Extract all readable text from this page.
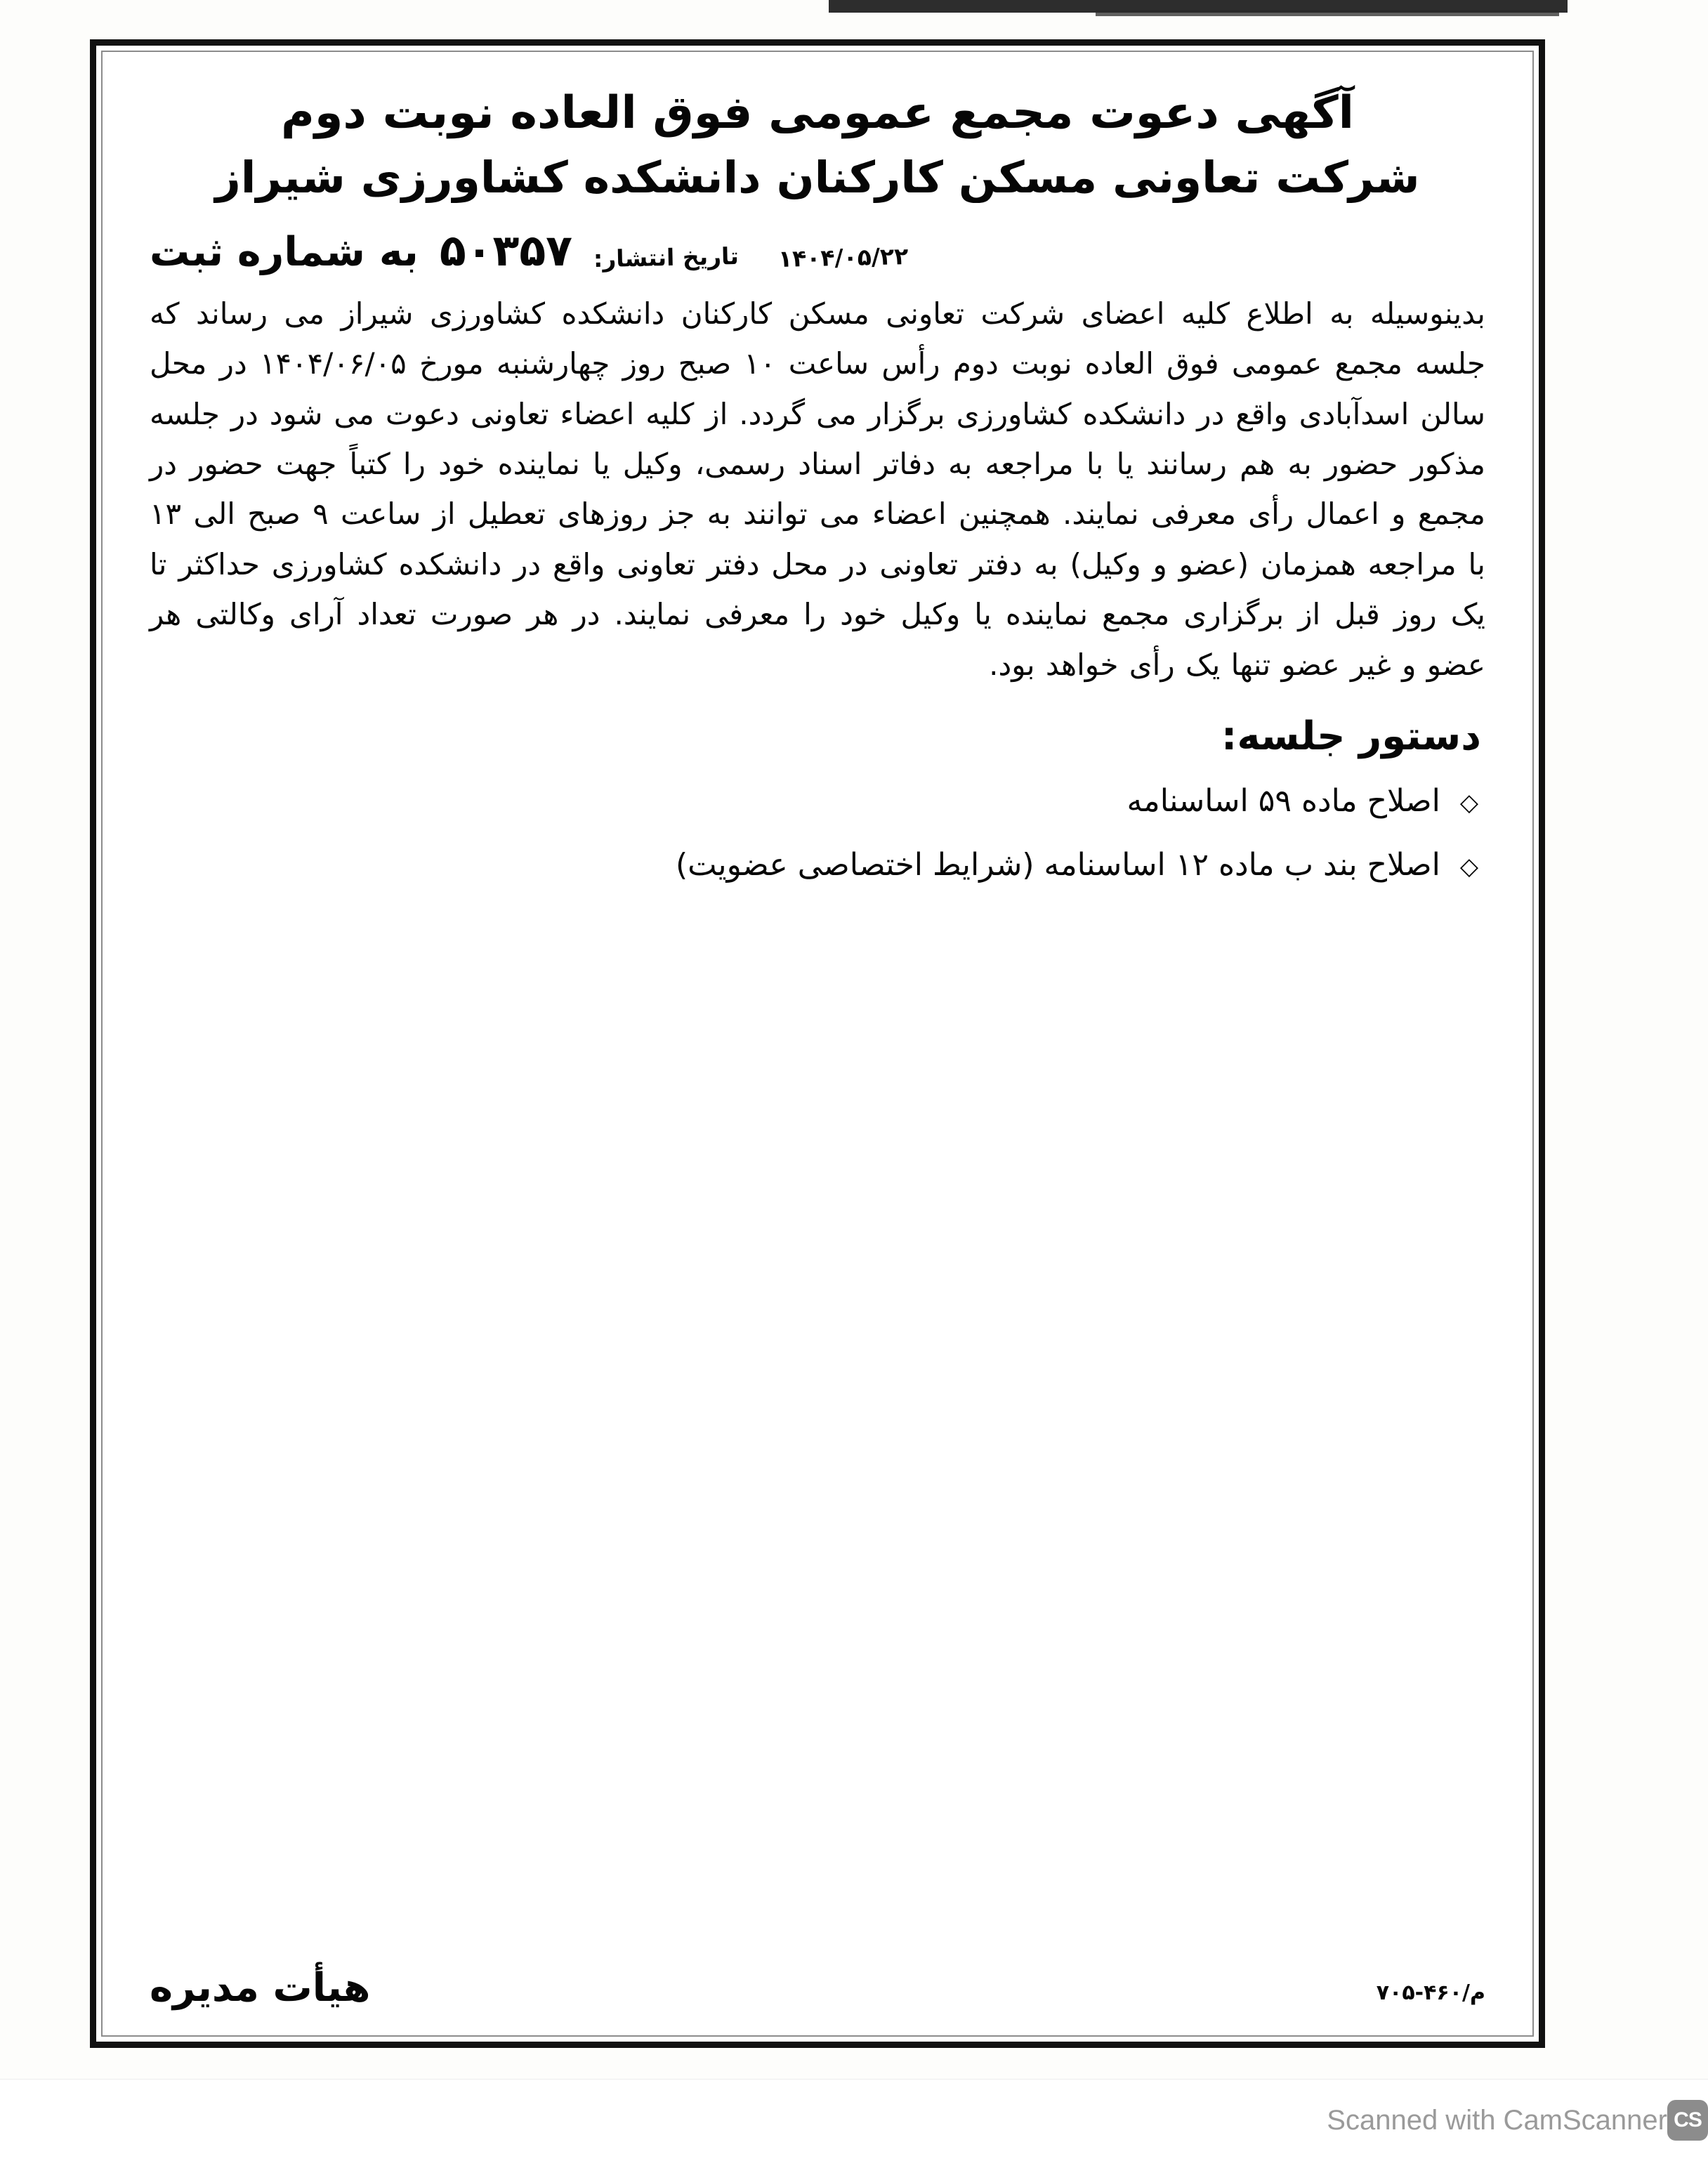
آگهی دعوت مجمع عمومی فوق العاده نوبت دوم
شرکت تعاونی مسکن کارکنان دانشکده کشاورزی شیراز
به شماره ثبت ۵۰۳۵۷ تاریخ انتشار: ۱۴۰۴/۰۵/۲۲

بدینوسیله به اطلاع کلیه اعضای شرکت تعاونی مسکن کارکنان دانشکده کشاورزی شیراز می رساند که جلسه مجمع عمومی فوق العاده نوبت دوم رأس ساعت ۱۰ صبح روز چهارشنبه مورخ ۱۴۰۴/۰۶/۰۵ در محل سالن اسدآبادی واقع در دانشکده کشاورزی برگزار می گردد. از کلیه اعضاء تعاونی دعوت می شود در جلسه مذکور حضور به هم رسانند یا با مراجعه به دفاتر اسناد رسمی، وکیل یا نماینده خود را کتباً جهت حضور در مجمع و اعمال رأی معرفی نمایند. همچنین اعضاء می توانند به جز روزهای تعطیل از ساعت ۹ صبح الی ۱۳ با مراجعه همزمان (عضو و وکیل) به دفتر تعاونی در محل دفتر تعاونی واقع در دانشکده کشاورزی حداکثر تا یک روز قبل از برگزاری مجمع نماینده یا وکیل خود را معرفی نمایند. در هر صورت تعداد آرای وکالتی هر عضو و غیر عضو تنها یک رأی خواهد بود.

دستور جلسه:
◇ اصلاح ماده ۵۹ اساسنامه
◇ اصلاح بند ب ماده ۱۲ اساسنامه (شرایط اختصاصی عضویت)
هیأت مدیره	م/۴۶۰-۷۰۵
CS
Scanned with CamScanner
